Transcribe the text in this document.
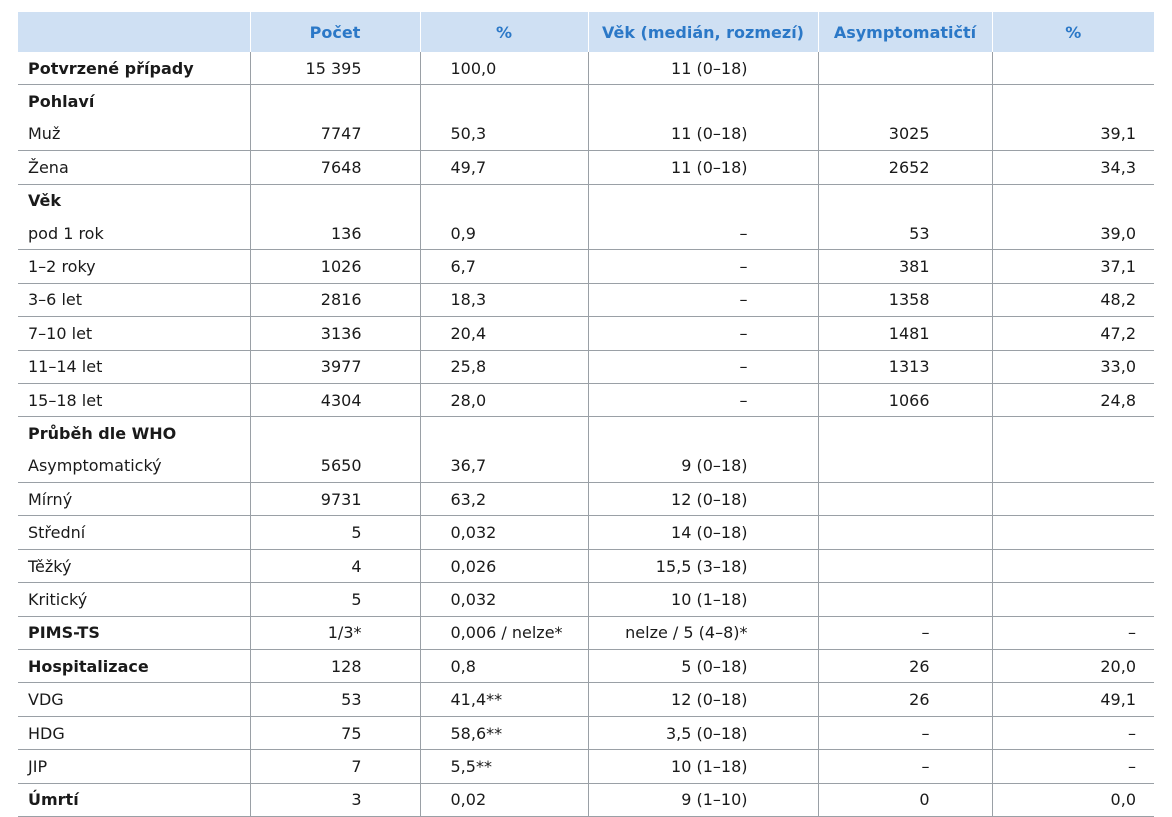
	Počet	%	Věk (medián, rozmezí)	Asymptomatičtí	%
Potvrzené případy	15 395	100,0	11 (0–18)		
Pohlaví					
Muž	7747	50,3	11 (0–18)	3025	39,1
Žena	7648	49,7	11 (0–18)	2652	34,3
Věk					
pod 1 rok	136	0,9	–	53	39,0
1–2 roky	1026	6,7	–	381	37,1
3–6 let	2816	18,3	–	1358	48,2
7–10 let	3136	20,4	–	1481	47,2
11–14 let	3977	25,8	–	1313	33,0
15–18 let	4304	28,0	–	1066	24,8
Průběh dle WHO					
Asymptomatický	5650	36,7	9 (0–18)		
Mírný	9731	63,2	12 (0–18)		
Střední	5	0,032	14 (0–18)		
Těžký	4	0,026	15,5 (3–18)		
Kritický	5	0,032	10 (1–18)		
PIMS-TS	1/3*	0,006 / nelze*	nelze / 5 (4–8)*	–	–
Hospitalizace	128	0,8	5 (0–18)	26	20,0
VDG	53	41,4**	12 (0–18)	26	49,1
HDG	75	58,6**	3,5 (0–18)	–	–
JIP	7	5,5**	10 (1–18)	–	–
Úmrtí	3	0,02	9 (1–10)	0	0,0
